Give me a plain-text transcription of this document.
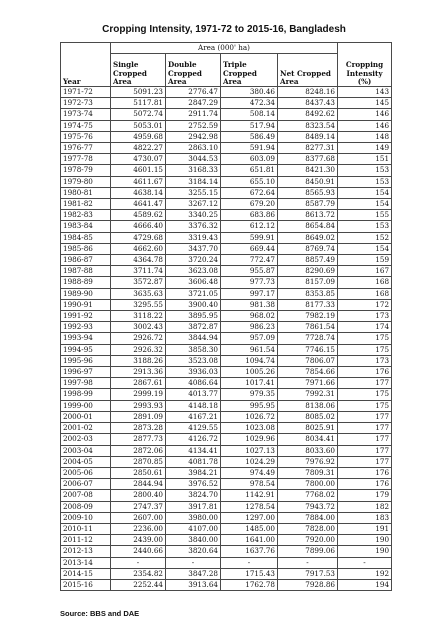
Cropping Intensity, 1971-72 to 2015-16, Bangladesh
	Area (000' ha)				
Year	Single Cropped Area	Double Cropped Area	Triple Cropped Area	Net Cropped Area	Cropping Intensity (%)
1971-72	5091.23	2776.47	380.46	8248.16	143
1972-73	5117.81	2847.29	472.34	8437.43	145
1973-74	5072.74	2911.74	508.14	8492.62	146
1974-75	5053.01	2752.59	517.94	8323.54	146
1975-76	4959.68	2942.98	586.49	8489.14	148
1976-77	4822.27	2863.10	591.94	8277.31	149
1977-78	4730.07	3044.53	603.09	8377.68	151
1978-79	4601.15	3168.33	651.81	8421.30	153
1979-80	4611.67	3184.14	655.10	8450.91	153
1980-81	4638.14	3255.15	672.64	8565.93	154
1981-82	4641.47	3267.12	679.20	8587.79	154
1982-83	4589.62	3340.25	683.86	8613.72	155
1983-84	4666.40	3376.32	612.12	8654.84	153
1984-85	4729.68	3319.43	599.91	8649.02	152
1985-86	4662.60	3437.70	669.44	8769.74	154
1986-87	4364.78	3720.24	772.47	8857.49	159
1987-88	3711.74	3623.08	955.87	8290.69	167
1988-89	3572.87	3606.48	977.73	8157.09	168
1989-90	3635.63	3721.05	997.17	8353.85	168
1990-91	3295.55	3900.40	981.38	8177.33	172
1991-92	3118.22	3895.95	968.02	7982.19	173
1992-93	3002.43	3872.87	986.23	7861.54	174
1993-94	2926.72	3844.94	957.09	7728.74	175
1994-95	2926.32	3858.30	961.54	7746.15	175
1995-96	3188.26	3523.08	1094.74	7806.07	173
1996-97	2913.36	3936.03	1005.26	7854.66	176
1997-98	2867.61	4086.64	1017.41	7971.66	177
1998-99	2999.19	4013.77	979.35	7992.31	175
1999-00	2993.93	4148.18	995.95	8138.06	175
2000-01	2891.09	4167.21	1026.72	8085.02	177
2001-02	2873.28	4129.55	1023.08	8025.91	177
2002-03	2877.73	4126.72	1029.96	8034.41	177
2003-04	2872.06	4134.41	1027.13	8033.60	177
2004-05	2870.85	4081.78	1024.29	7976.92	177
2005-06	2850.61	3984.21	974.49	7809.31	176
2006-07	2844.94	3976.52	978.54	7800.00	176
2007-08	2800.40	3824.70	1142.91	7768.02	179
2008-09	2747.37	3917.81	1278.54	7943.72	182
2009-10	2607.00	3980.00	1297.00	7884.00	183
2010-11	2236.00	4107.00	1485.00	7828.00	191
2011-12	2439.00	3840.00	1641.00	7920.00	190
2012-13	2440.66	3820.64	1637.76	7899.06	190
2013-14	-	-	-	-	-
2014-15	2354.82	3847.28	1715.43	7917.53	192
2015-16	2252.44	3913.64	1762.78	7928.86	194
Source: BBS and DAE
